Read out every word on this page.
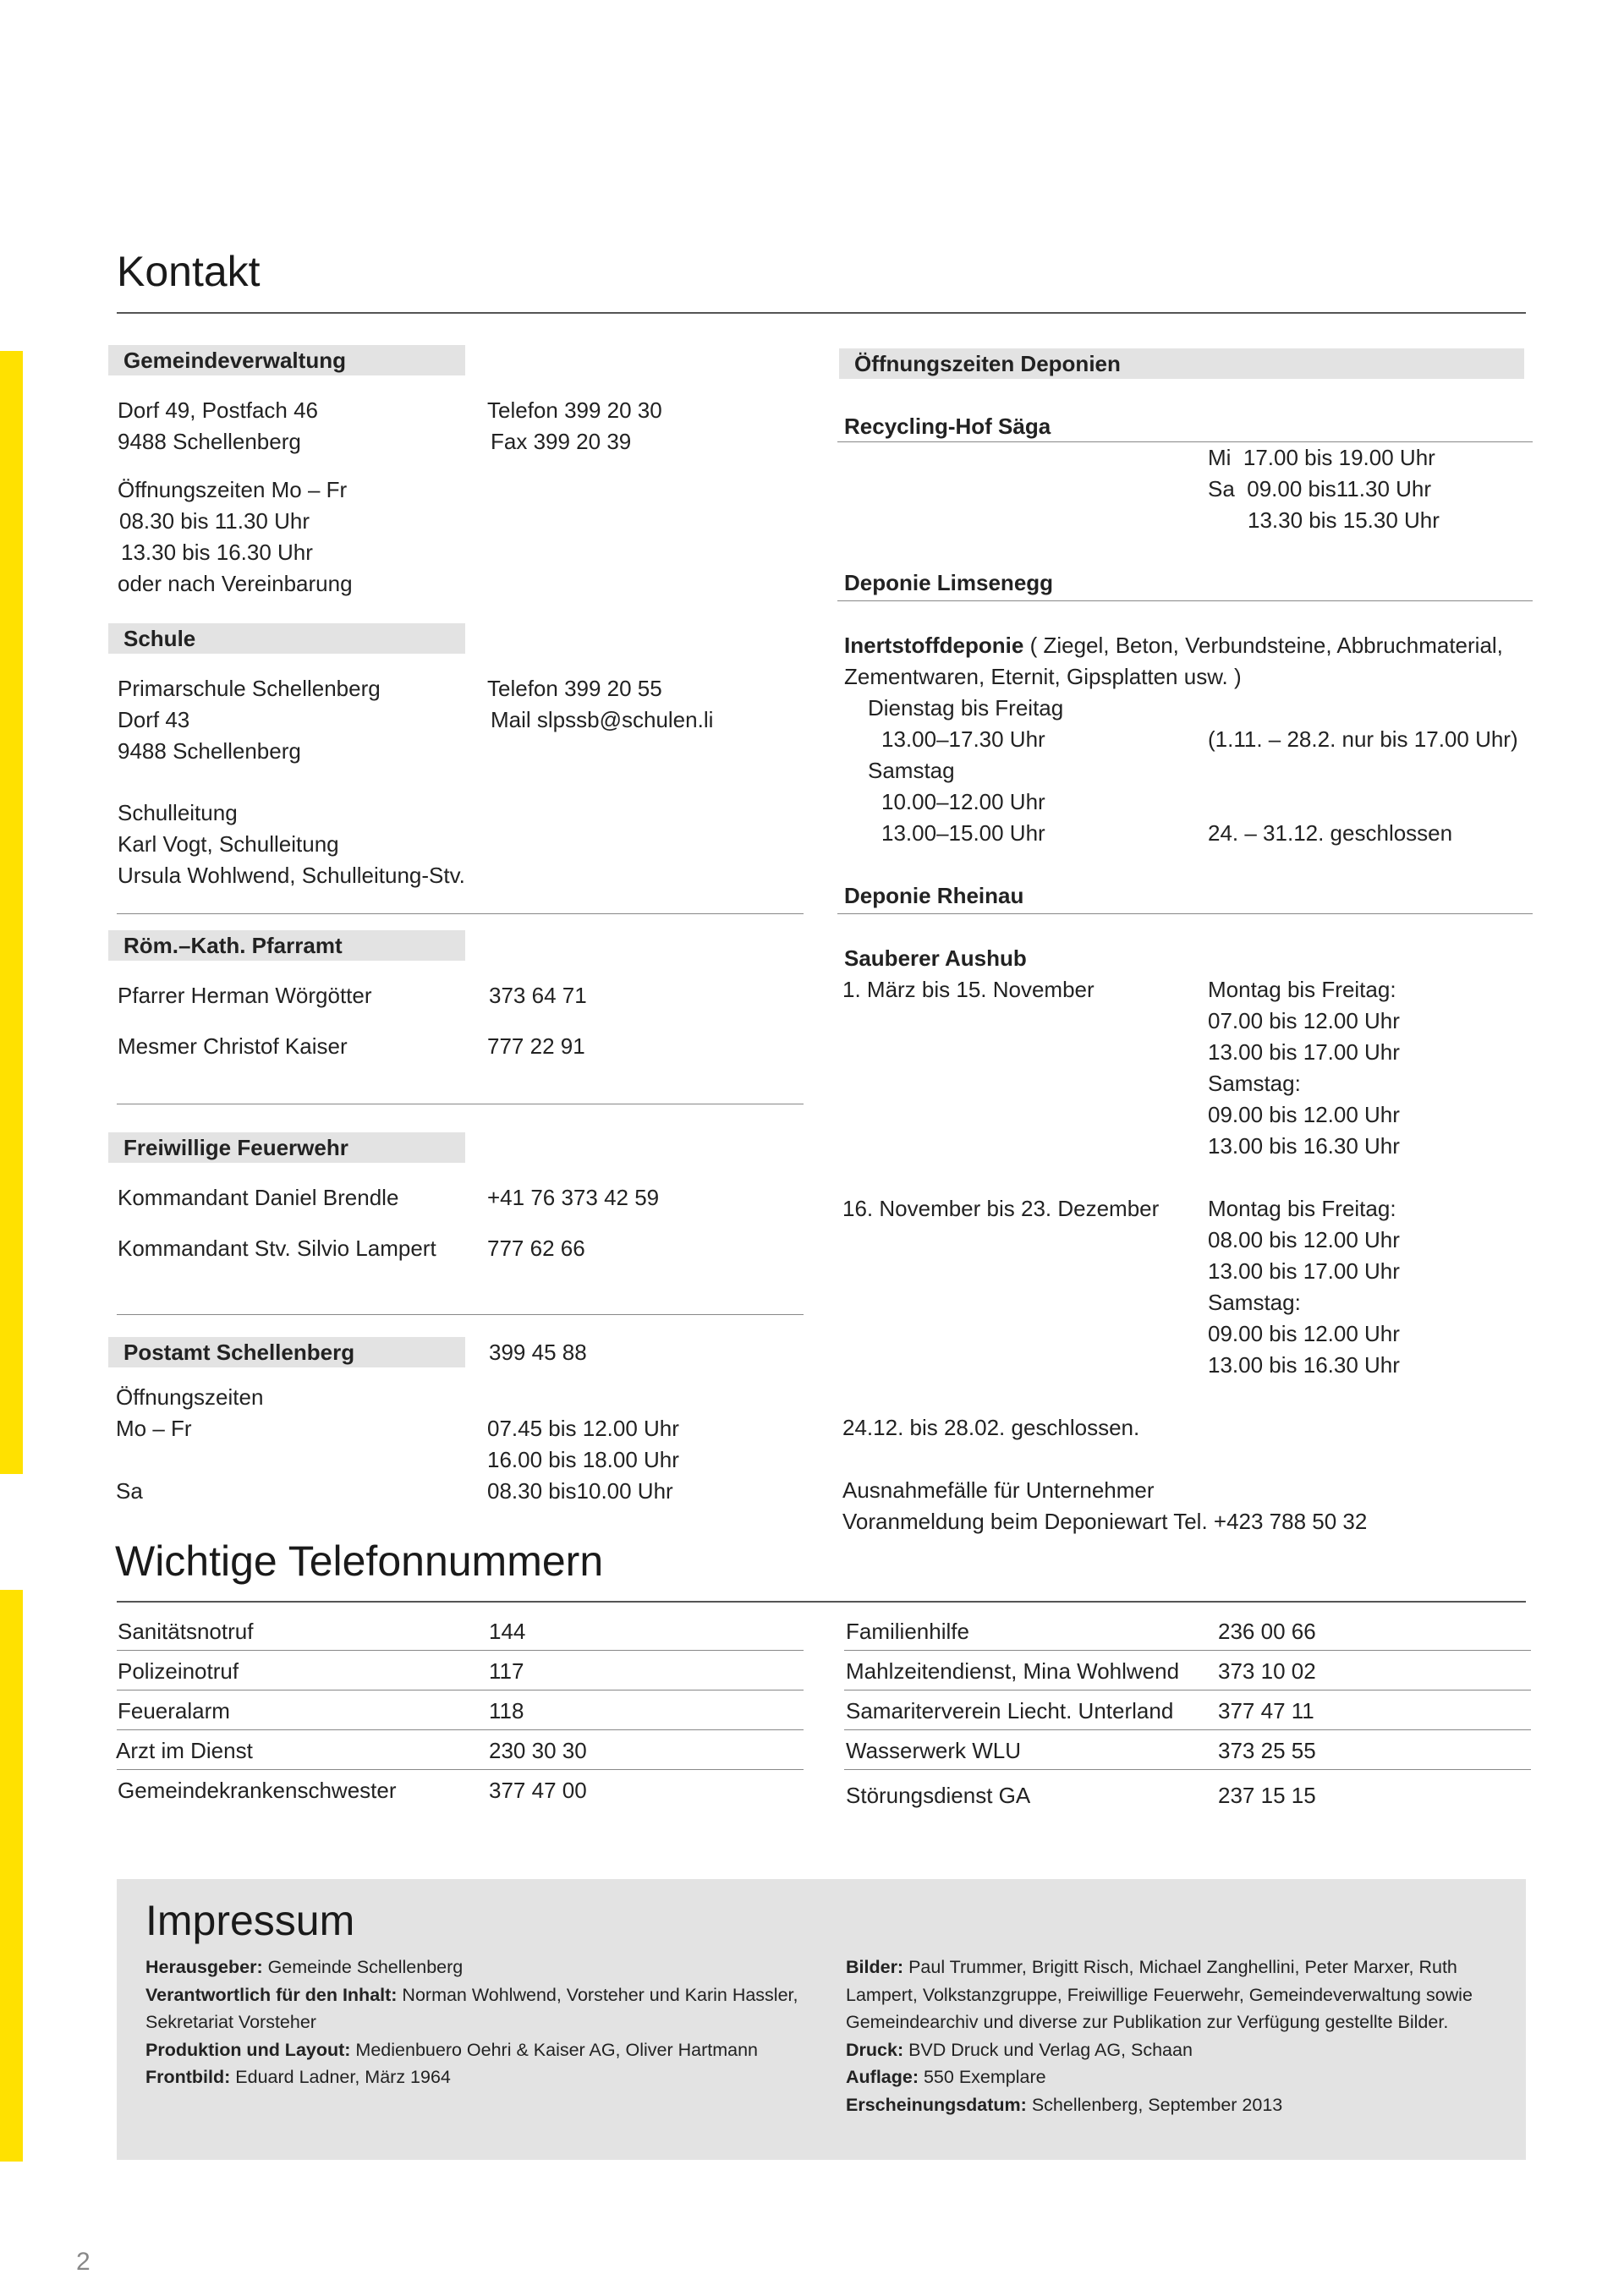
Kontakt
Gemeindeverwaltung
Dorf 49, Postfach 46
9488 Schellenberg
Telefon 399 20 30
Fax 399 20 39
Öffnungszeiten Mo – Fr
08.30 bis 11.30 Uhr
13.30 bis 16.30 Uhr
oder nach Vereinbarung
Schule
Primarschule Schellenberg
Dorf 43
9488 Schellenberg
Telefon 399 20 55
Mail slpssb@schulen.li
Schulleitung
Karl Vogt, Schulleitung
Ursula Wohlwend, Schulleitung-Stv.
Röm.–Kath. Pfarramt
Pfarrer Herman Wörgötter	373 64 71
Mesmer Christof Kaiser	777 22 91
Freiwillige Feuerwehr
Kommandant Daniel Brendle	+41 76 373 42 59
Kommandant Stv. Silvio Lampert 777 62 66
Postamt Schellenberg	399 45 88
Öffnungszeiten
Mo – Fr	07.45 bis 12.00 Uhr
16.00 bis 18.00 Uhr
Sa	08.30 bis10.00 Uhr
Öffnungszeiten Deponien
Recycling-Hof Säga
Mi  17.00 bis 19.00 Uhr
Sa  09.00 bis11.30 Uhr
13.30 bis 15.30 Uhr
Deponie Limsenegg
Inertstoffdeponie ( Ziegel, Beton, Verbundsteine, Abbruchmaterial,
Zementwaren, Eternit, Gipsplatten usw. )
Dienstag bis Freitag
13.00–17.30 Uhr	(1.11. – 28.2. nur bis 17.00 Uhr)
Samstag
10.00–12.00 Uhr
13.00–15.00 Uhr	24. – 31.12. geschlossen
Deponie Rheinau
Sauberer Aushub
1. März bis 15. November	Montag bis Freitag:
07.00 bis 12.00 Uhr
13.00 bis 17.00 Uhr
Samstag:
09.00 bis 12.00 Uhr
13.00 bis 16.30 Uhr
16. November bis 23. Dezember Montag bis Freitag:
08.00 bis 12.00 Uhr
13.00 bis 17.00 Uhr
Samstag:
09.00 bis 12.00 Uhr
13.00 bis 16.30 Uhr
24.12. bis 28.02. geschlossen.
Ausnahmefälle für Unternehmer
Voranmeldung beim Deponiewart Tel. +423 788 50 32
Wichtige Telefonnummern
Sanitätsnotruf	144
Polizeinotruf	117
Feueralarm	118
Arzt im Dienst	230 30 30
Gemeindekrankenschwester	377 47 00
Familienhilfe	236 00 66
Mahlzeitendienst, Mina Wohlwend 373 10 02
Samariterverein Liecht. Unterland 377 47 11
Wasserwerk WLU	373 25 55
Störungsdienst GA	237 15 15
Impressum
Herausgeber: Gemeinde Schellenberg
Verantwortlich für den Inhalt: Norman Wohlwend, Vorsteher und Karin Hassler, Sekretariat Vorsteher
Produktion und Layout: Medienbuero Oehri & Kaiser AG, Oliver Hartmann
Frontbild: Eduard Ladner, März 1964
Bilder: Paul Trummer, Brigitt Risch, Michael Zanghellini, Peter Marxer, Ruth Lampert, Volkstanzgruppe, Freiwillige Feuerwehr, Gemeindeverwaltung sowie Gemeindearchiv und diverse zur Publikation zur Verfügung gestellte Bilder.
Druck: BVD Druck und Verlag AG, Schaan
Auflage: 550 Exemplare
Erscheinungsdatum: Schellenberg, September 2013
2
